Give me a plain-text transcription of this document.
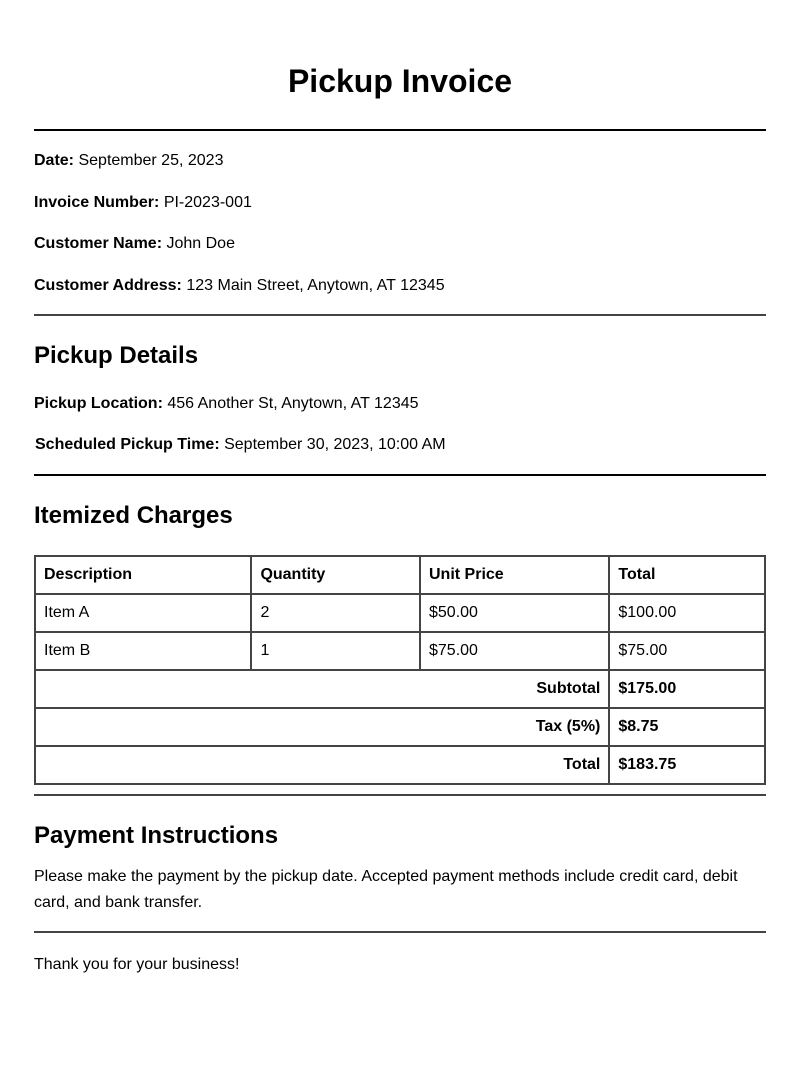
Pickup Invoice

Date: September 25, 2023

Invoice Number: PI-2023-001

Customer Name: John Doe

Customer Address: 123 Main Street, Anytown, AT 12345

Pickup Details

Pickup Location: 456 Another St, Anytown, AT 12345

Scheduled Pickup Time: September 30, 2023, 10:00 AM

Itemized Charges
Description	Quantity	Unit Price	Total
Item A	2	$50.00	$100.00
Item B	1	$75.00	$75.00
Subtotal			$175.00
Tax (5%)			$8.75
Total			$183.75
Payment Instructions

Please make the payment by the pickup date. Accepted payment methods include credit card, debit card, and bank transfer.

Thank you for your business!
